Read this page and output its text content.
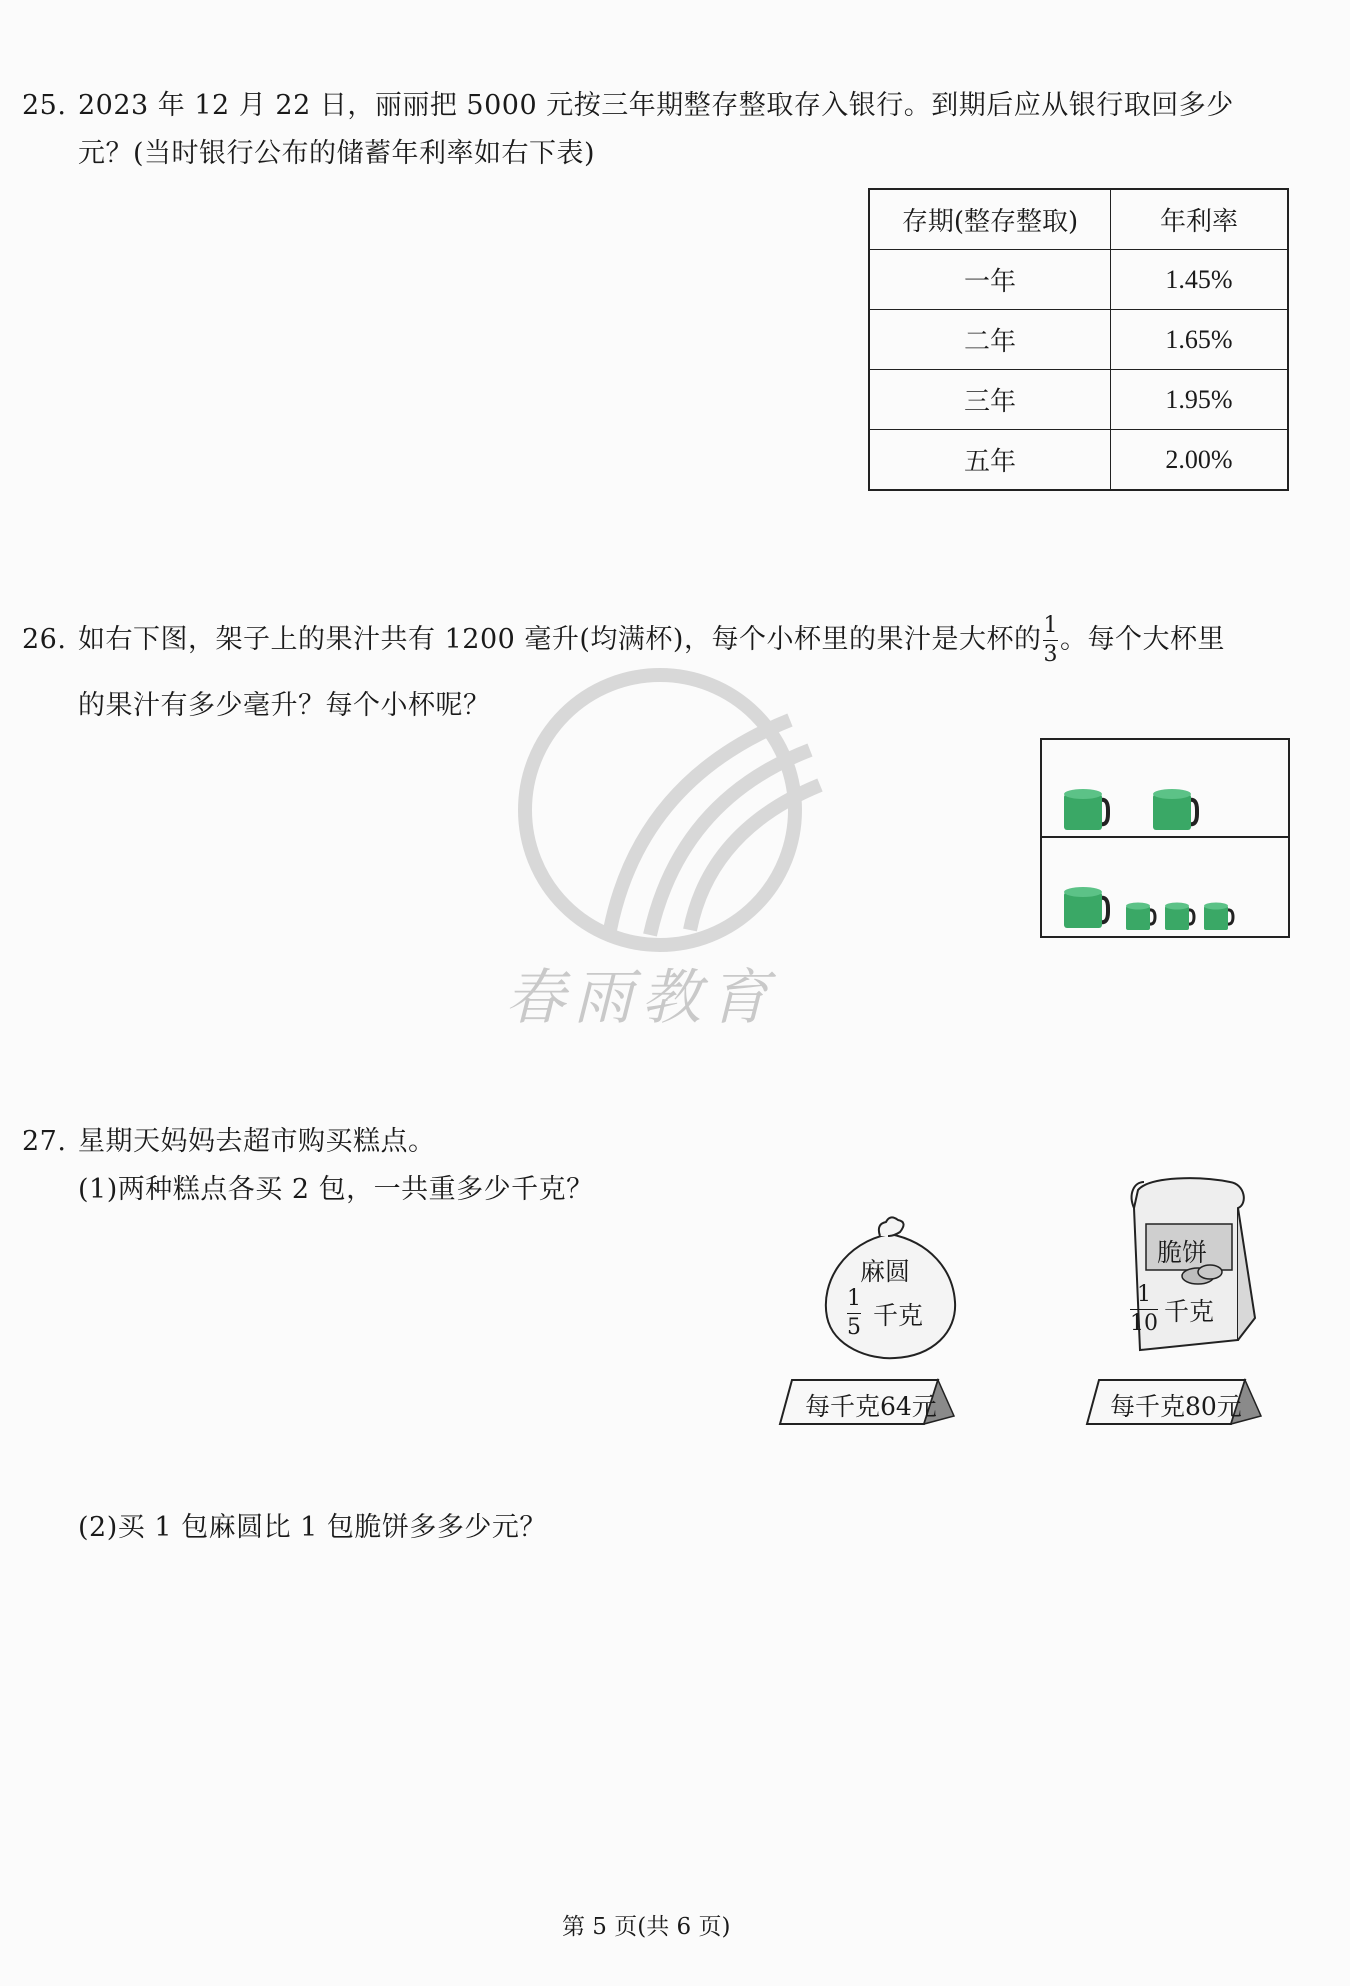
25. 2023 年 12 月 22 日，丽丽把 5000 元按三年期整存整取存入银行。到期后应从银行取回多少
元？(当时银行公布的储蓄年利率如右下表)
存期(整存整取)	年利率
一年	1.45%
二年	1.65%
三年	1.95%
五年	2.00%
26. 如右下图，架子上的果汁共有 1200 毫升(均满杯)，每个小杯里的果汁是大杯的 $\frac{1}{3}$ 。每个大杯里
的果汁有多少毫升？每个小杯呢？
春雨教育
27. 星期天妈妈去超市购买糕点。
(1)两种糕点各买 2 包，一共重多少千克？
(2)买 1 包麻圆比 1 包脆饼多多少元？
麻圆
$\frac{1}{5}$ 千克
每千克64元
脆饼
$\frac{1}{10}$ 千克
每千克80元
第 5 页(共 6 页)
